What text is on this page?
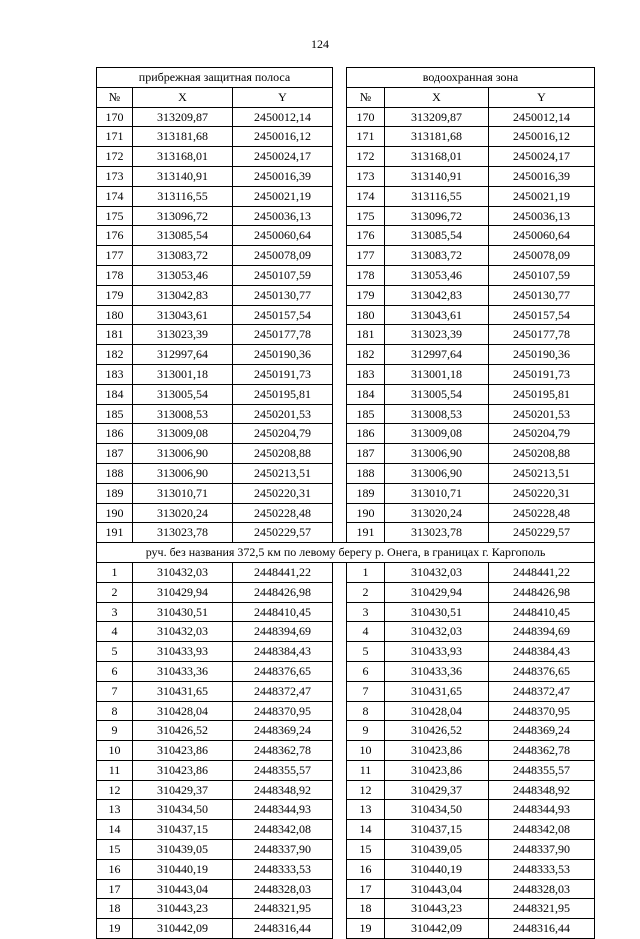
124
прибрежная защитная полоса				водоохранная зона		
№	X	Y		№	X	Y
170	313209,87	2450012,14		170	313209,87	2450012,14
171	313181,68	2450016,12		171	313181,68	2450016,12
172	313168,01	2450024,17		172	313168,01	2450024,17
173	313140,91	2450016,39		173	313140,91	2450016,39
174	313116,55	2450021,19		174	313116,55	2450021,19
175	313096,72	2450036,13		175	313096,72	2450036,13
176	313085,54	2450060,64		176	313085,54	2450060,64
177	313083,72	2450078,09		177	313083,72	2450078,09
178	313053,46	2450107,59		178	313053,46	2450107,59
179	313042,83	2450130,77		179	313042,83	2450130,77
180	313043,61	2450157,54		180	313043,61	2450157,54
181	313023,39	2450177,78		181	313023,39	2450177,78
182	312997,64	2450190,36		182	312997,64	2450190,36
183	313001,18	2450191,73		183	313001,18	2450191,73
184	313005,54	2450195,81		184	313005,54	2450195,81
185	313008,53	2450201,53		185	313008,53	2450201,53
186	313009,08	2450204,79		186	313009,08	2450204,79
187	313006,90	2450208,88		187	313006,90	2450208,88
188	313006,90	2450213,51		188	313006,90	2450213,51
189	313010,71	2450220,31		189	313010,71	2450220,31
190	313020,24	2450228,48		190	313020,24	2450228,48
191	313023,78	2450229,57		191	313023,78	2450229,57
руч. без названия 372,5 км по левому берегу р. Онега, в границах г. Каргополь						
1	310432,03	2448441,22		1	310432,03	2448441,22
2	310429,94	2448426,98		2	310429,94	2448426,98
3	310430,51	2448410,45		3	310430,51	2448410,45
4	310432,03	2448394,69		4	310432,03	2448394,69
5	310433,93	2448384,43		5	310433,93	2448384,43
6	310433,36	2448376,65		6	310433,36	2448376,65
7	310431,65	2448372,47		7	310431,65	2448372,47
8	310428,04	2448370,95		8	310428,04	2448370,95
9	310426,52	2448369,24		9	310426,52	2448369,24
10	310423,86	2448362,78		10	310423,86	2448362,78
11	310423,86	2448355,57		11	310423,86	2448355,57
12	310429,37	2448348,92		12	310429,37	2448348,92
13	310434,50	2448344,93		13	310434,50	2448344,93
14	310437,15	2448342,08		14	310437,15	2448342,08
15	310439,05	2448337,90		15	310439,05	2448337,90
16	310440,19	2448333,53		16	310440,19	2448333,53
17	310443,04	2448328,03		17	310443,04	2448328,03
18	310443,23	2448321,95		18	310443,23	2448321,95
19	310442,09	2448316,44		19	310442,09	2448316,44
